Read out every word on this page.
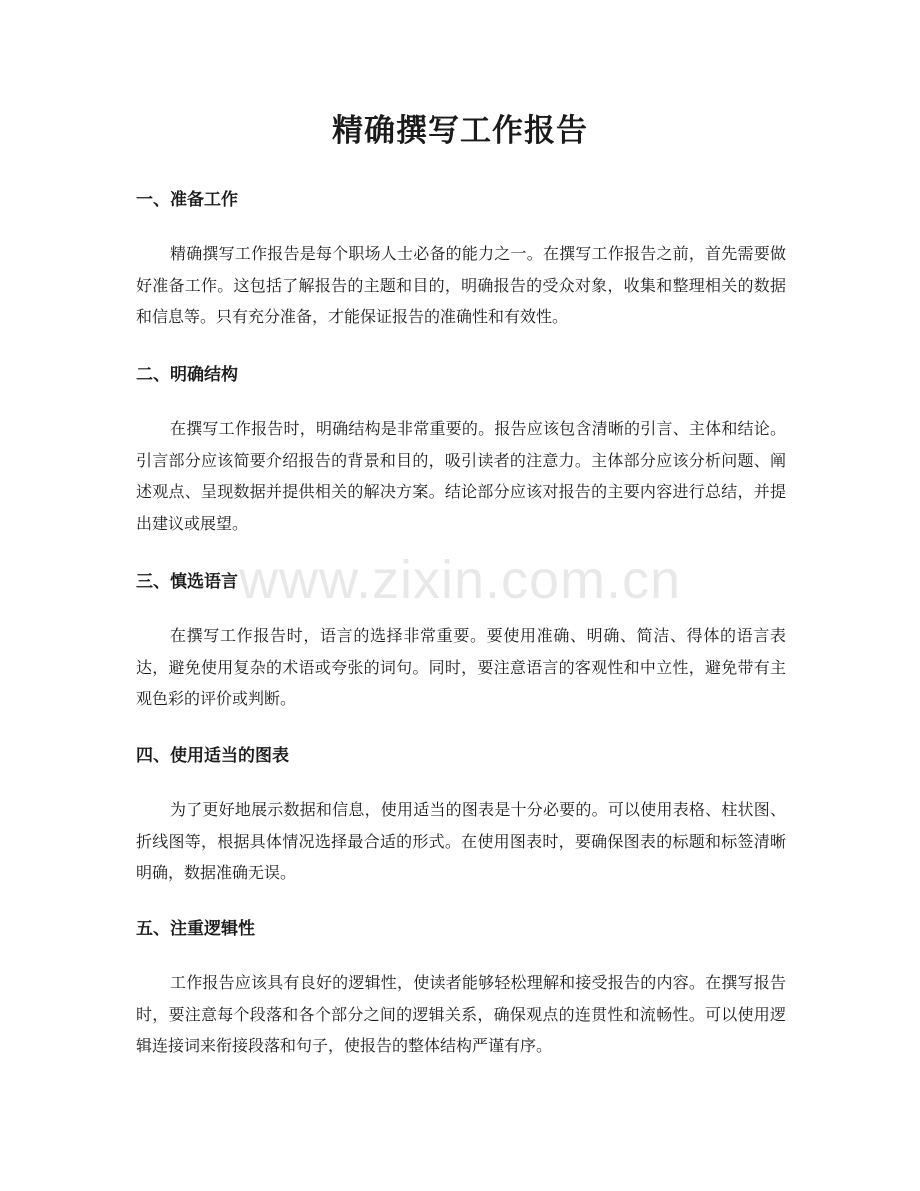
精确撰写工作报告
一、准备工作

精确撰写工作报告是每个职场人士必备的能力之一。在撰写工作报告之前，首先需要做好准备工作。这包括了解报告的主题和目的，明确报告的受众对象，收集和整理相关的数据和信息等。只有充分准备，才能保证报告的准确性和有效性。

二、明确结构

在撰写工作报告时，明确结构是非常重要的。报告应该包含清晰的引言、主体和结论。引言部分应该简要介绍报告的背景和目的，吸引读者的注意力。主体部分应该分析问题、阐述观点、呈现数据并提供相关的解决方案。结论部分应该对报告的主要内容进行总结，并提出建议或展望。

三、慎选语言

在撰写工作报告时，语言的选择非常重要。要使用准确、明确、简洁、得体的语言表达，避免使用复杂的术语或夸张的词句。同时，要注意语言的客观性和中立性，避免带有主观色彩的评价或判断。

四、使用适当的图表

为了更好地展示数据和信息，使用适当的图表是十分必要的。可以使用表格、柱状图、折线图等，根据具体情况选择最合适的形式。在使用图表时，要确保图表的标题和标签清晰明确，数据准确无误。

五、注重逻辑性

工作报告应该具有良好的逻辑性，使读者能够轻松理解和接受报告的内容。在撰写报告时，要注意每个段落和各个部分之间的逻辑关系，确保观点的连贯性和流畅性。可以使用逻辑连接词来衔接段落和句子，使报告的整体结构严谨有序。

www.zixin.com.cn
